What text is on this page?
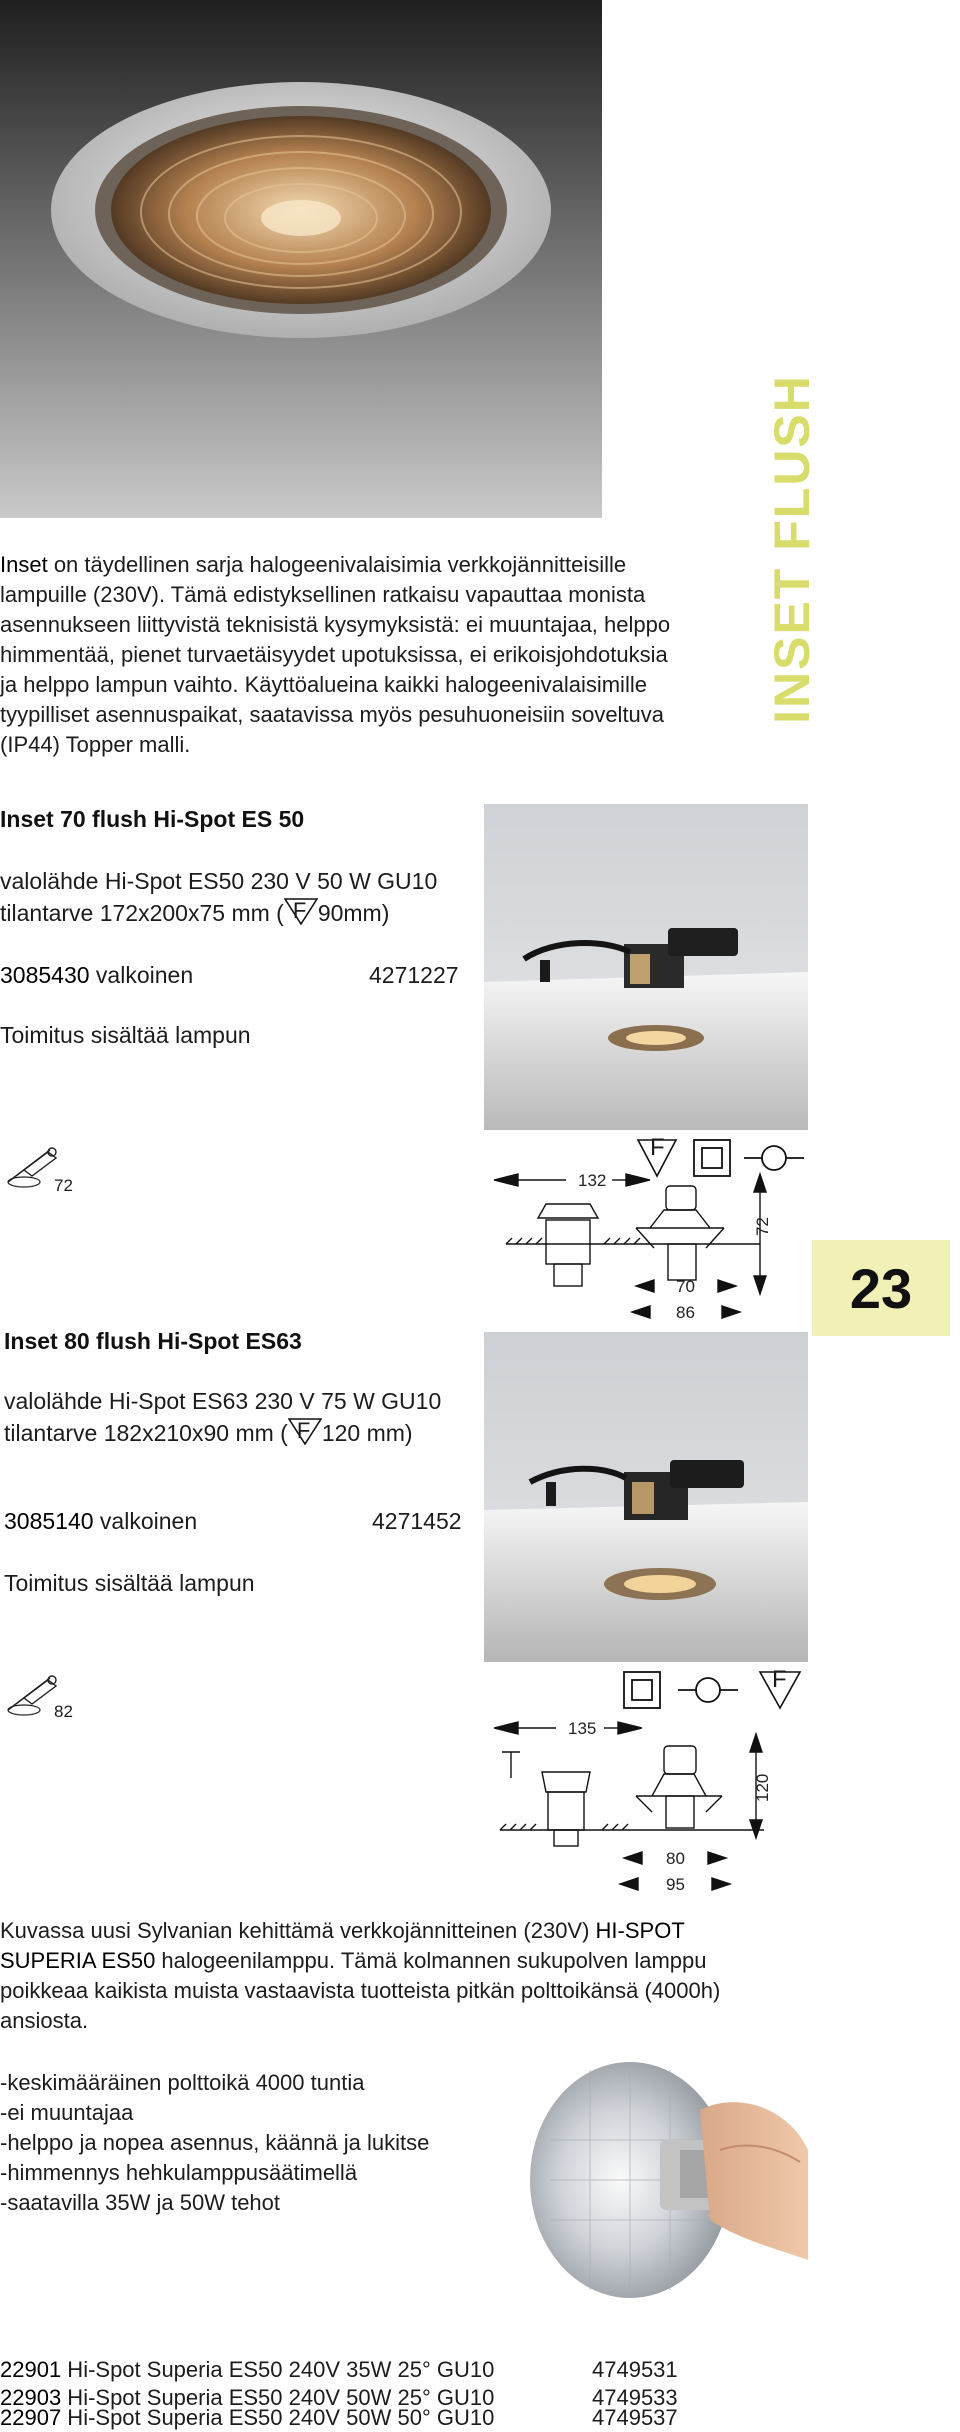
Inset on täydellinen sarja halogeenivalaisimia verkkojännitteisille

lampuille (230V). Tämä edistyksellinen ratkaisu vapauttaa monista

asennukseen liittyvistä teknisistä kysymyksistä: ei muuntajaa, helppo

himmentää, pienet turvaetäisyydet upotuksissa, ei erikoisjohdotuksia

ja helppo lampun vaihto. Käyttöalueina kaikki halogeenivalaisimille

tyypilliset asennuspaikat, saatavissa myös pesuhuoneisiin soveltuva

(IP44) Topper malli.

INSET FLUSH
Inset 70 flush Hi-Spot ES 50
valolähde Hi-Spot ES50 230 V 50 W GU10
tilantarve 172x200x75 mm ( F 90mm)
3085430 valkoinen	4271227
Toimitus sisältää lampun
72
F
132
72
70
86	23
Inset 80 flush Hi-Spot ES63
valolähde Hi-Spot ES63 230 V 75 W GU10
tilantarve 182x210x90 mm ( F 120 mm)
3085140 valkoinen	4271452
Toimitus sisältää lampun
82
F
135
120
80
95

Kuvassa uusi Sylvanian kehittämä verkkojännitteinen (230V) HI-SPOT

SUPERIA ES50 halogeenilamppu. Tämä kolmannen sukupolven lamppu

poikkeaa kaikista muista vastaavista tuotteista pitkän polttoikänsä (4000h)

ansiosta.

-keskimääräinen polttoikä 4000 tuntia
-ei muuntajaa
-helppo ja nopea asennus, käännä ja lukitse
-himmennys hehkulamppusäätimellä
-saatavilla 35W ja 50W tehot
22901 Hi-Spot Superia ES50 240V 35W 25° GU10	4749531
22903 Hi-Spot Superia ES50 240V 50W 25° GU10	4749533
22907 Hi-Spot Superia ES50 240V 50W 50° GU10	4749537
